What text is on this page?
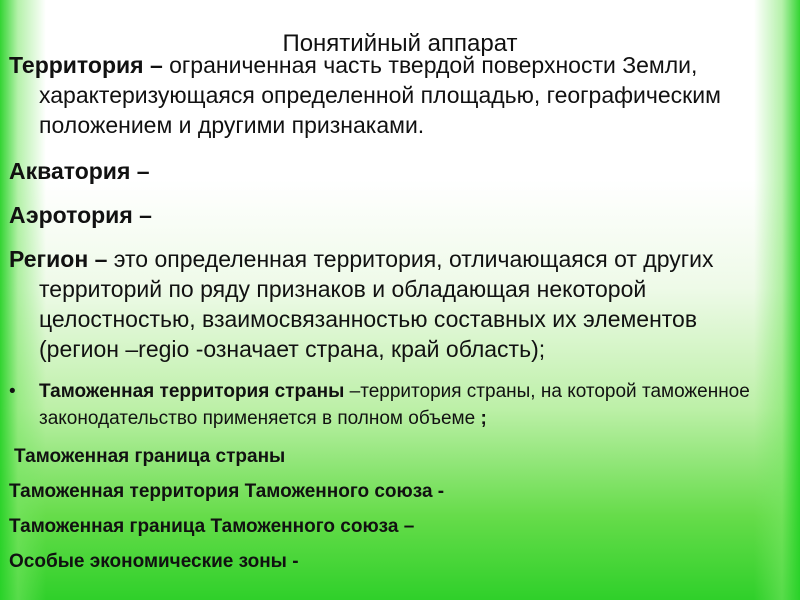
Понятийный аппарат

Территория – ограниченная часть твердой поверхности Земли, характеризующаяся определенной площадью, географическим положением и другими признаками.

Акватория –

Аэротория –

Регион – это определенная территория, отличающаяся от других территорий по ряду признаков и обладающая некоторой целостностью, взаимосвязанностью составных их элементов (регион –regio -означает страна, край область);

•	Таможенная территория страны –территория страны, на которой таможенное законодательство применяется в полном объеме ;

Таможенная граница страны

Таможенная территория Таможенного союза -

Таможенная граница Таможенного союза –

Особые экономические зоны -
